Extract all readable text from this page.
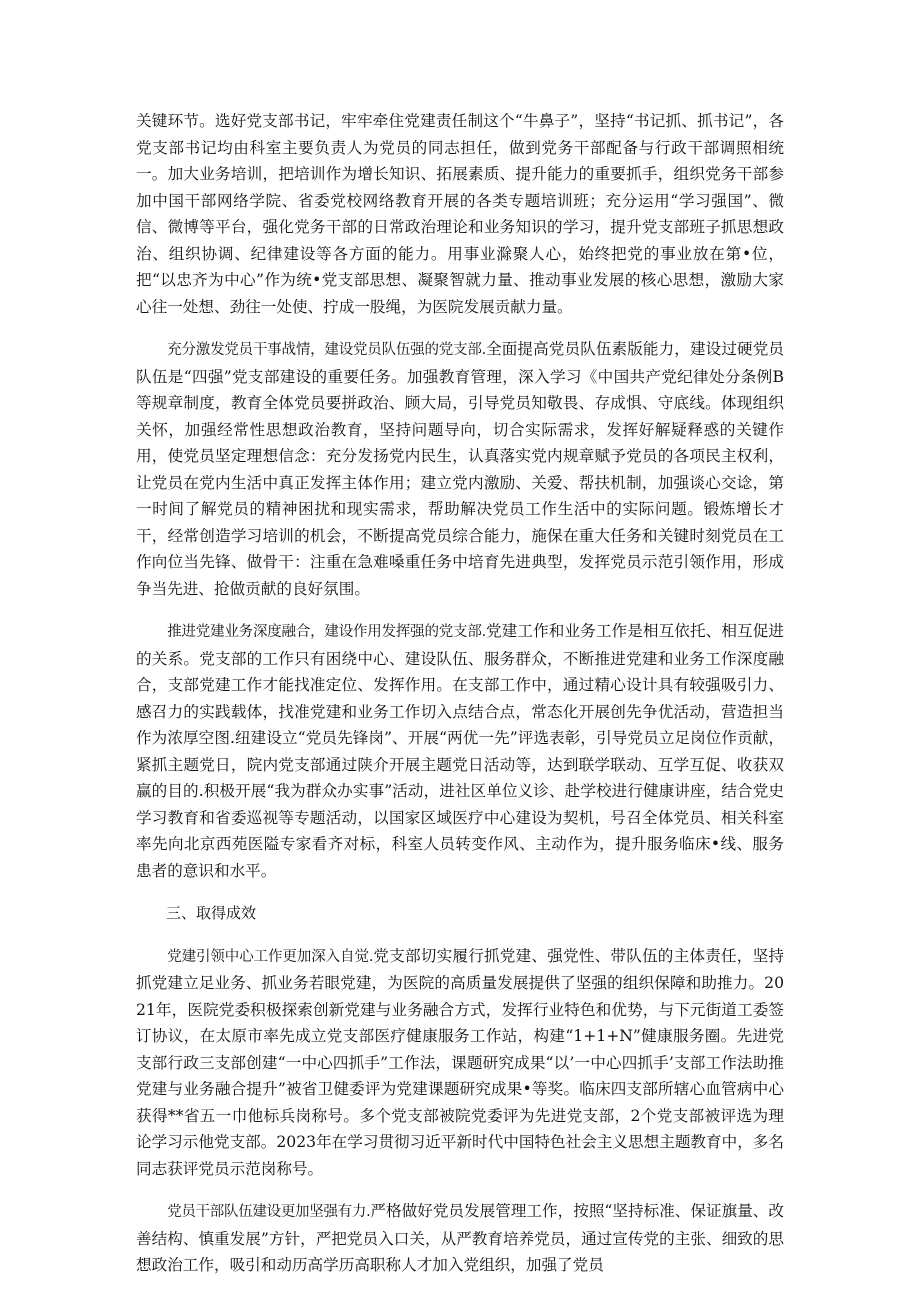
关键环节。选好党支部书记，牢牢牵住党建责任制这个“牛鼻子”，坚持“书记抓、抓书记”，各党支部书记均由科室主要负责人为党员的同志担任，做到党务干部配备与行政干部调照相统一。加大业务培训，把培训作为增长知识、拓展素质、提升能力的重要抓手，组织党务干部参加中国干部网络学院、省委党校网络教育开展的各类专题培训班；充分运用“学习强国”、微信、微博等平台，强化党务干部的日常政治理论和业务知识的学习，提升党支部班子抓思想政治、组织协调、纪律建设等各方面的能力。用事业滁聚人心，始终把党的事业放在第•位，把“以忠齐为中心”作为统•党支部思想、凝聚智就力量、推动事业发展的核心思想，激励大家心往一处想、劲往一处使、拧成一股绳，为医院发展贡献力量。

充分激发党员干事战情，建设党员队伍强的党支部.全面提高党员队伍素版能力，建设过硬党员队伍是“四强”党支部建设的重要任务。加强教育管理，深入学习《中国共产党纪律处分条例B等规章制度，教育全体党员要拼政治、顾大局，引导党员知敬畏、存成惧、守底线。体现组织关怀，加强经常性思想政治教育，坚持问题导向，切合实际需求，发挥好解疑释惑的关键作用，使党员坚定理想信念：充分发扬党内民生，认真落实党内规章赋予党员的各项民主权利，让党员在党内生活中真正发挥主体作用；建立党内激励、关爱、帮扶机制，加强谈心交谂，第一时间了解党员的精神困扰和现实需求，帮助解决党员工作生活中的实际问题。锻炼增长才干，经常创造学习培训的机会，不断提高党员综合能力，施保在重大任务和关键时刻党员在工作向位当先锋、做骨干：注重在急难嗓重任务中培育先进典型，发挥党员示范引领作用，形成争当先进、抢做贡献的良好氛围。

推进党建业务深度融合，建设作用发挥强的党支部.党建工作和业务工作是相互依托、相互促进的关系。党支部的工作只有困绕中心、建设队伍、服务群众，不断推进党建和业务工作深度融合，支部党建工作才能找准定位、发挥作用。在支部工作中，通过精心设计具有较强吸引力、感召力的实践载体，找准党建和业务工作切入点结合点，常态化开展创先争优活动，营造担当作为浓厚空图.纽建设立“党员先锋岗”、开展“两优一先”评选表彰，引导党员立足岗位作贡献，紧抓主题党日，院内党支部通过陕介开展主题党日活动等，达到联学联动、互学互促、收获双赢的目的.积极开展“我为群众办实事”活动，进社区单位义诊、赴学校进行健康讲座，结合党史学习教育和省委巡视等专题活动，以国家区域医疗中心建设为契机，号召全体党员、相关科室率先向北京西苑医隘专家看齐对标，科室人员转变作风、主动作为，提升服务临床•线、服务患者的意识和水平。

三、取得成效

党建引领中心工作更加深入自觉.党支部切实履行抓党建、强党性、带队伍的主体责任，坚持抓党建立足业务、抓业务若眼党建，为医院的高质量发展提供了坚强的组织保障和助推力。2021年，医院党委积极探索创新党建与业务融合方式，发挥行业特色和优势，与下元街道工委签订协议，在太原市率先成立党支部医疗健康服务工作站，构建“1+1+N”健康服务圈。先进党支部行政三支部创建“一中心四抓手”工作法，课题研究成果“以’一中心四抓手’支部工作法助推党建与业务融合提升”被省卫健委评为党建课题研究成果•等奖。临床四支部所辖心血管病中心获得**省五一巾他标兵岗称号。多个党支部被院党委评为先进党支部，2个党支部被评选为理论学习示他党支部。2023年在学习贯彻习近平新时代中国特色社会主义思想主题教育中，多名同志获评党员示范岗称号。

党员干部队伍建设更加坚强有力.严格做好党员发展管理工作，按照“坚持标准、保证旗量、改善结构、慎重发展”方针，严把党员入口关，从严教育培养党员，通过宣传党的主张、细致的思想政治工作，吸引和动历高学历高职称人才加入党组织，加强了党员
